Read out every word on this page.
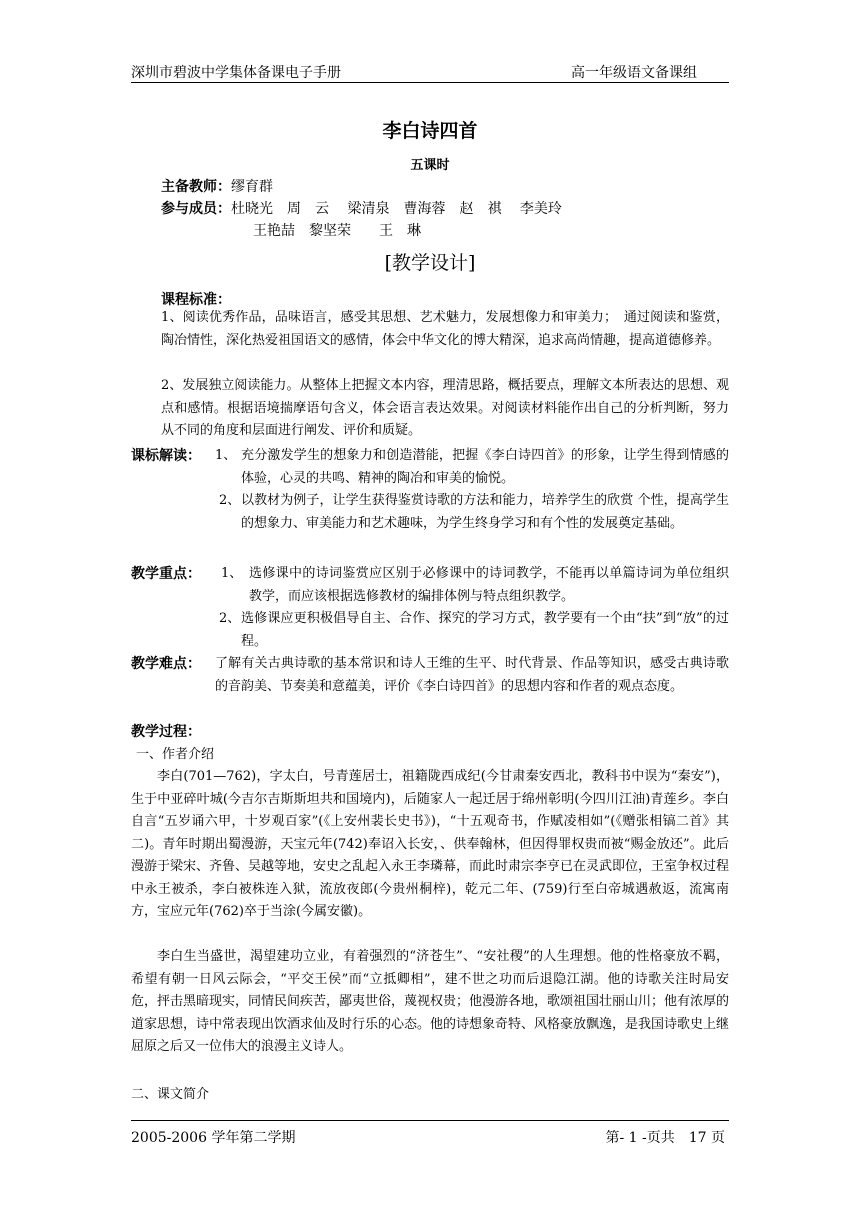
深圳市碧波中学集体备课电子手册	高一年级语文备课组
李白诗四首
五课时
主备教师：缪育群
参与成员：杜晓光　周　云　 梁清泉　曹海蓉　赵　祺　 李美玲
王艳喆　黎坚荣　　王　琳
[教学设计]
课程标准：
1、阅读优秀作品，品味语言，感受其思想、艺术魅力，发展想像力和审美力；　通过阅读和鉴赏，陶冶情性，深化热爱祖国语文的感情，体会中华文化的博大精深，追求高尚情趣，提高道德修养。
2、发展独立阅读能力。从整体上把握文本内容，理清思路，概括要点，理解文本所表达的思想、观点和感情。根据语境揣摩语句含义，体会语言表达效果。对阅读材料能作出自己的分析判断，努力从不同的角度和层面进行阐发、评价和质疑。
课标解读： 1、 充分激发学生的想象力和创造潜能，把握《李白诗四首》的形象，让学生得到情感的体验，心灵的共鸣、精神的陶冶和审美的愉悦。
2、 以教材为例子，让学生获得鉴赏诗歌的方法和能力，培养学生的欣赏 个性，提高学生的想象力、审美能力和艺术趣味，为学生终身学习和有个性的发展奠定基础。
教学重点： 1、 选修课中的诗词鉴赏应区别于必修课中的诗词教学，不能再以单篇诗词为单位组织教学，而应该根据选修教材的编排体例与特点组织教学。
2、 选修课应更积极倡导自主、合作、探究的学习方式，教学要有一个由“扶”到“放”的过程。
教学难点： 了解有关古典诗歌的基本常识和诗人王维的生平、时代背景、作品等知识，感受古典诗歌的音韵美、节奏美和意蕴美，评价《李白诗四首》的思想内容和作者的观点态度。
教学过程：
一、作者介绍
李白(701—762)，字太白，号青莲居士，祖籍陇西成纪(今甘肃秦安西北，教科书中误为“秦安”)，生于中亚碎叶城(今吉尔吉斯斯坦共和国境内)，后随家人一起迁居于绵州彰明(今四川江油)青莲乡。李白自言“五岁诵六甲，十岁观百家”(《上安州裴长史书》)，“十五观奇书，作赋凌相如”(《赠张相镐二首》其二)。青年时期出蜀漫游，天宝元年(742)奉诏入长安，、供奉翰林，但因得罪权贵而被“赐金放还”。此后漫游于梁宋、齐鲁、吴越等地，安史之乱起入永王李璘幕，而此时肃宗李亨已在灵武即位，王室争权过程中永王被杀，李白被株连入狱，流放夜郎(今贵州桐梓)，乾元二年、(759)行至白帝城遇赦返，流寓南方，宝应元年(762)卒于当涂(今属安徽)。
李白生当盛世，渴望建功立业，有着强烈的“济苍生”、“安社稷”的人生理想。他的性格豪放不羁，希望有朝一日风云际会，“平交王侯”而“立抵卿相”，建不世之功而后退隐江湖。他的诗歌关注时局安危，抨击黑暗现实，同情民间疾苦，鄙夷世俗，蔑视权贵；他漫游各地，歌颂祖国壮丽山川；他有浓厚的道家思想，诗中常表现出饮酒求仙及时行乐的心态。他的诗想象奇特、风格豪放飘逸，是我国诗歌史上继屈原之后又一位伟大的浪漫主义诗人。
二、课文简介
2005-2006 学年第二学期	第- 1 -页共　17 页
